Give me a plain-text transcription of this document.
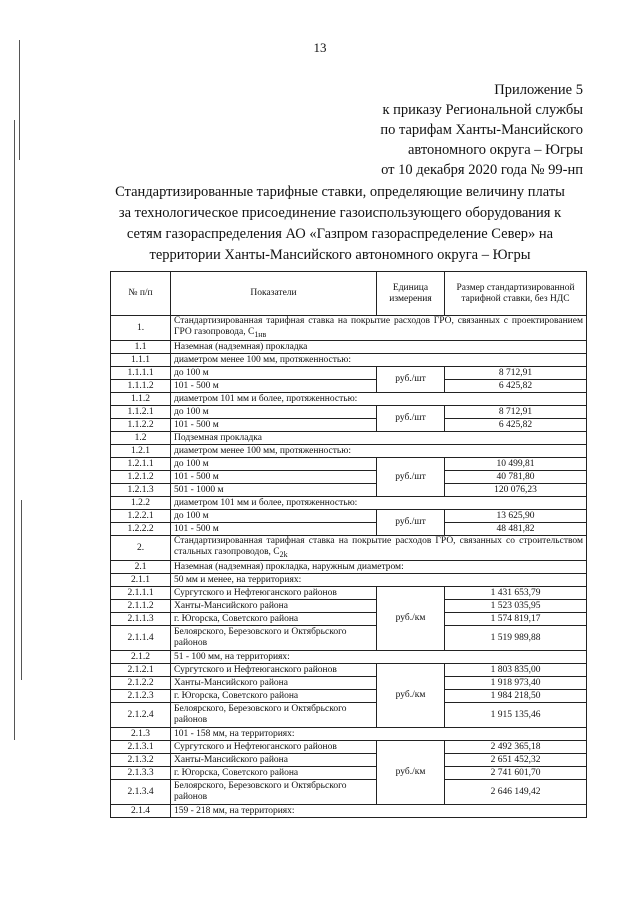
13
Приложение 5
к приказу Региональной службы
по тарифам Ханты-Мансийского
автономного округа – Югры
от 10 декабря 2020 года № 99-нп
Стандартизированные тарифные ставки, определяющие величину платы
за технологическое присоединение газоиспользующего оборудования к
сетям газораспределения АО «Газпром газораспределение Север» на
территории Ханты-Мансийского автономного округа – Югры
№ п/п	Показатели	Единица измерения	Размер стандартизированной тарифной ставки, без НДС
1.	Стандартизированная тарифная ставка на покрытие расходов ГРО, связанных с проектированием ГРО газопровода, $C_{1нв}$
1.1	Наземная (надземная) прокладка		
1.1.1	диаметром менее 100 мм, протяженностью:		
1.1.1.1	до 100 м	руб./шт	8 712,91
1.1.1.2	101 - 500 м		6 425,82
1.1.2	диаметром 101 мм и более, протяженностью:		
1.1.2.1	до 100 м	руб./шт	8 712,91
1.1.2.2	101 - 500 м		6 425,82
1.2	Подземная прокладка		
1.2.1	диаметром менее 100 мм, протяженностью:		
1.2.1.1	до 100 м	руб./шт	10 499,81
1.2.1.2	101 - 500 м		40 781,80
1.2.1.3	501 - 1000 м		120 076,23
1.2.2	диаметром 101 мм и более, протяженностью:		
1.2.2.1	до 100 м	руб./шт	13 625,90
1.2.2.2	101 - 500 м		48 481,82
2.	Стандартизированная тарифная ставка на покрытие расходов ГРО, связанных со строительством стальных газопроводов, $C_{2k}$
2.1	Наземная (надземная) прокладка, наружным диаметром:		
2.1.1	50 мм и менее, на территориях:		
2.1.1.1	Сургутского и Нефтеюганского районов	руб./км	1 431 653,79
2.1.1.2	Ханты-Мансийского района		1 523 035,95
2.1.1.3	г. Югорска, Советского района		1 574 819,17
2.1.1.4	Белоярского, Березовского и Октябрьского районов		1 519 989,88
2.1.2	51 - 100 мм, на территориях:		
2.1.2.1	Сургутского и Нефтеюганского районов	руб./км	1 803 835,00
2.1.2.2	Ханты-Мансийского района		1 918 973,40
2.1.2.3	г. Югорска, Советского района		1 984 218,50
2.1.2.4	Белоярского, Березовского и Октябрьского районов		1 915 135,46
2.1.3	101 - 158 мм, на территориях:		
2.1.3.1	Сургутского и Нефтеюганского районов	руб./км	2 492 365,18
2.1.3.2	Ханты-Мансийского района		2 651 452,32
2.1.3.3	г. Югорска, Советского района		2 741 601,70
2.1.3.4	Белоярского, Березовского и Октябрьского районов		2 646 149,42
2.1.4	159 - 218 мм, на территориях:		
